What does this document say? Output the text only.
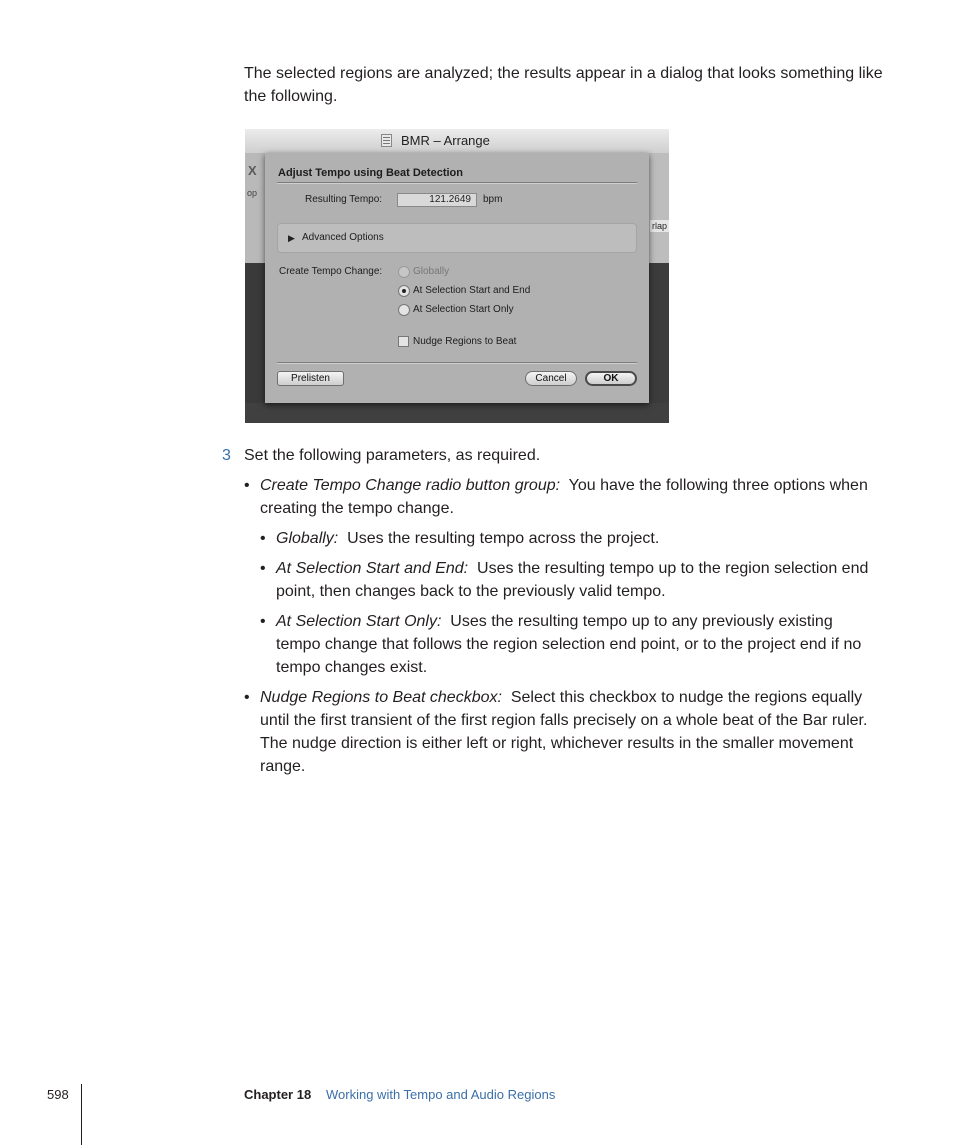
The selected regions are analyzed; the results appear in a dialog that looks something like the following.

BMR – Arrange
X
op
rlap
Adjust Tempo using Beat Detection
Resulting Tempo:	121.2649	bpm
▶ Advanced Options
Create Tempo Change:	Globally
At Selection Start and End
At Selection Start Only
Nudge Regions to Beat
Prelisten	Cancel	OK

3 Set the following parameters, as required.

• Create Tempo Change radio button group: You have the following three options when creating the tempo change.
• Globally: Uses the resulting tempo across the project.
• At Selection Start and End: Uses the resulting tempo up to the region selection end point, then changes back to the previously valid tempo.
• At Selection Start Only: Uses the resulting tempo up to any previously existing tempo change that follows the region selection end point, or to the project end if no tempo changes exist.
• Nudge Regions to Beat checkbox: Select this checkbox to nudge the regions equally until the first transient of the first region falls precisely on a whole beat of the Bar ruler. The nudge direction is either left or right, whichever results in the smaller movement range.
598	Chapter 18 Working with Tempo and Audio Regions
